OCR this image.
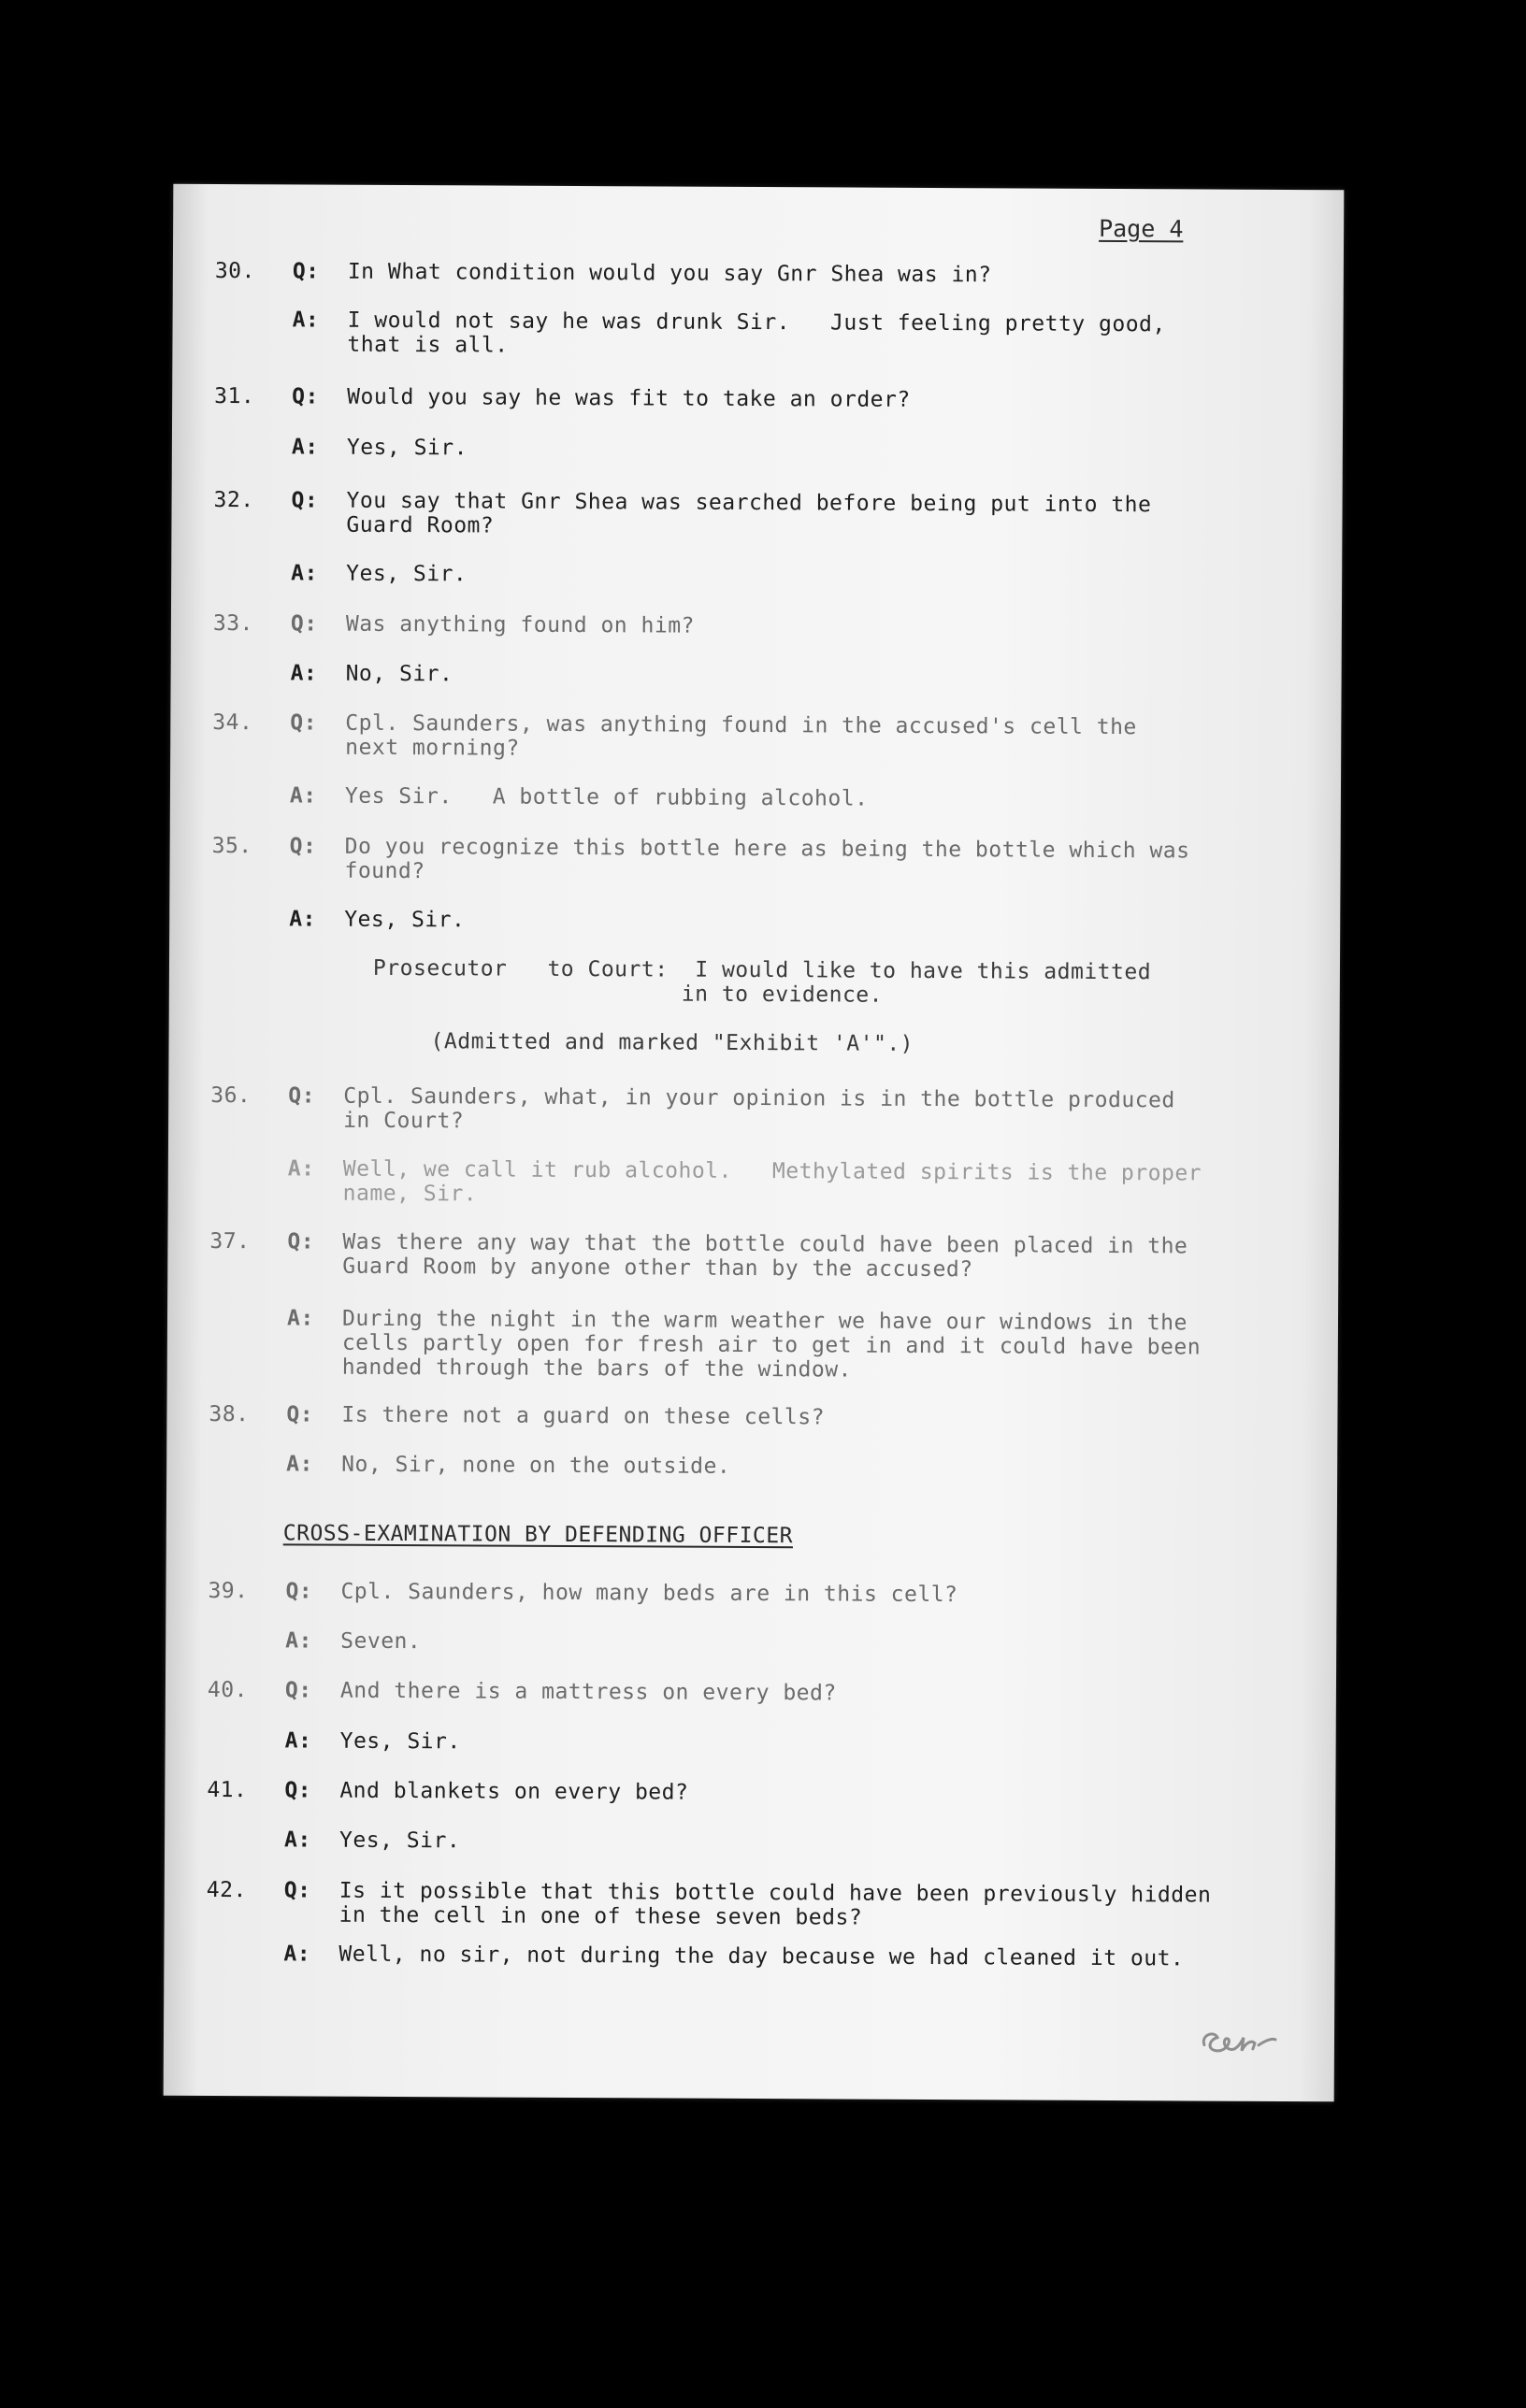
Page 4
30. Q: In What condition would you say Gnr Shea was in?
A: I would not say he was drunk Sir.   Just feeling pretty good,
that is all.
31. Q: Would you say he was fit to take an order?
A: Yes, Sir.
32. Q: You say that Gnr Shea was searched before being put into the
Guard Room?
A: Yes, Sir.
33. Q: Was anything found on him?
A: No, Sir.
34. Q: Cpl. Saunders, was anything found in the accused's cell the
next morning?
A: Yes Sir.   A bottle of rubbing alcohol.
35. Q: Do you recognize this bottle here as being the bottle which was
found?
A: Yes, Sir.
Prosecutor   to Court:  I would like to have this admitted
in to evidence.
(Admitted and marked "Exhibit 'A'".)
36. Q: Cpl. Saunders, what, in your opinion is in the bottle produced
in Court?
A: Well, we call it rub alcohol.   Methylated spirits is the proper
name, Sir.
37. Q: Was there any way that the bottle could have been placed in the
Guard Room by anyone other than by the accused?
A: During the night in the warm weather we have our windows in the
cells partly open for fresh air to get in and it could have been
handed through the bars of the window.
38. Q: Is there not a guard on these cells?
A: No, Sir, none on the outside.
CROSS-EXAMINATION BY DEFENDING OFFICER
39. Q: Cpl. Saunders, how many beds are in this cell?
A: Seven.
40. Q: And there is a mattress on every bed?
A: Yes, Sir.
41. Q: And blankets on every bed?
A: Yes, Sir.
42. Q: Is it possible that this bottle could have been previously hidden
in the cell in one of these seven beds?
A: Well, no sir, not during the day because we had cleaned it out.
